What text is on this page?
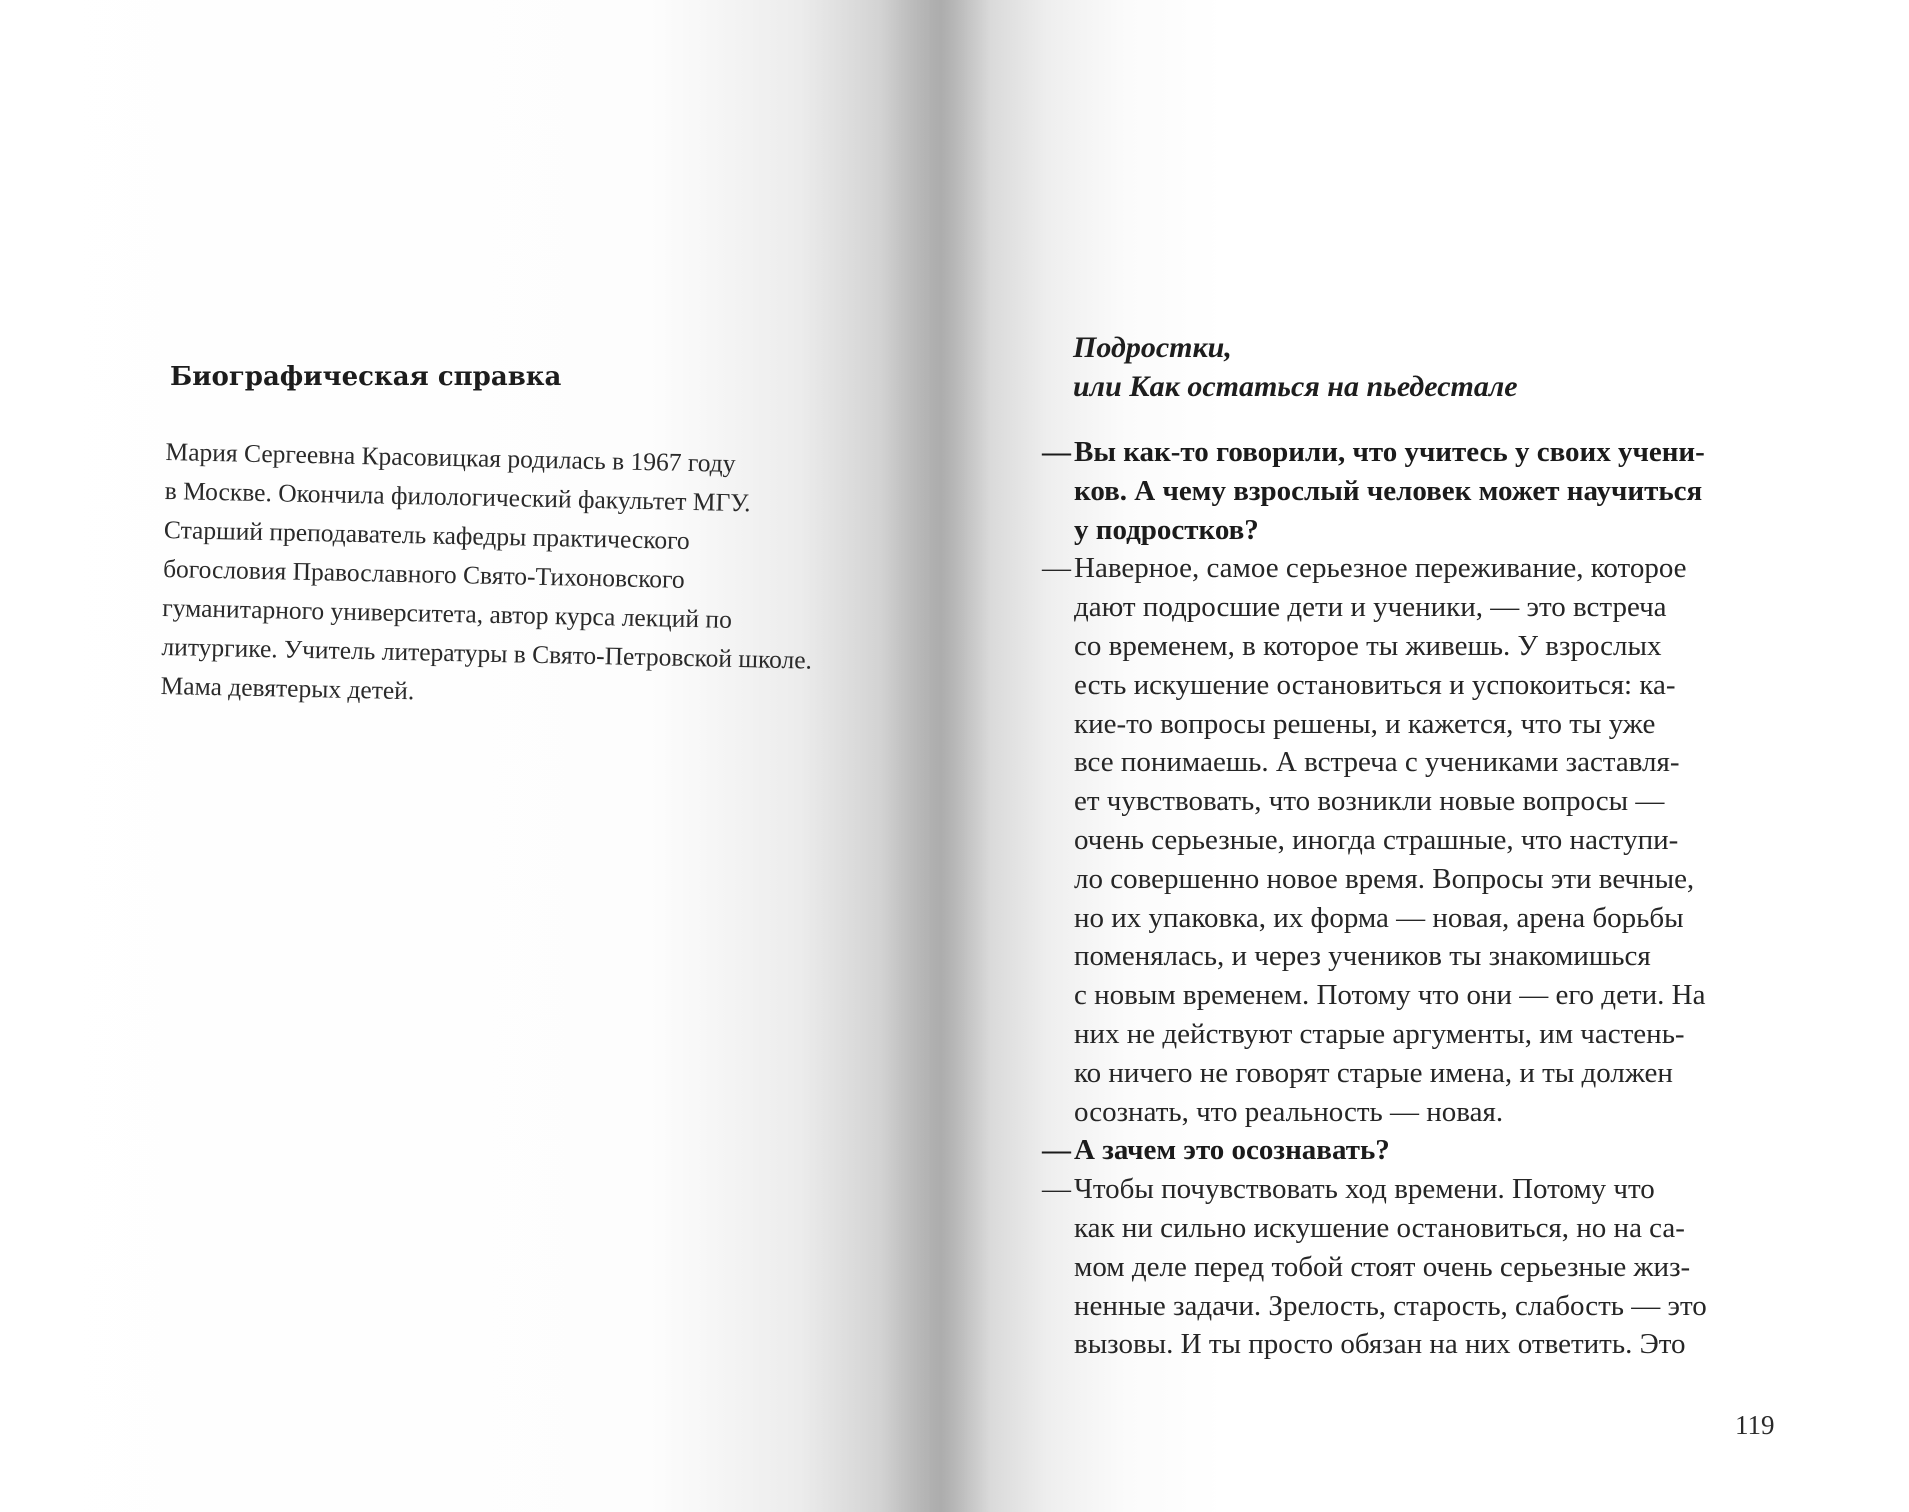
Биографическая справка
Мария Сергеевна Красовицкая родилась в 1967 году
в Москве. Окончила филологический факультет МГУ.
Старший преподаватель кафедры практического
богословия Православного Свято-Тихоновского
гуманитарного университета, автор курса лекций по
литургике. Учитель литературы в Свято-Петровской школе.
Мама девятерых детей.
Подростки,
или Как остаться на пьедестале
— Вы как-то говорили, что учитесь у своих учени-
ков. А чему взрослый человек может научиться
у подростков?
— Наверное, самое серьезное переживание, которое
дают подросшие дети и ученики, — это встреча
со временем, в которое ты живешь. У взрослых
есть искушение остановиться и успокоиться: ка-
кие-то вопросы решены, и кажется, что ты уже
все понимаешь. А встреча с учениками заставля-
ет чувствовать, что возникли новые вопросы —
очень серьезные, иногда страшные, что наступи-
ло совершенно новое время. Вопросы эти вечные,
но их упаковка, их форма — новая, арена борьбы
поменялась, и через учеников ты знакомишься
с новым временем. Потому что они — его дети. На
них не действуют старые аргументы, им частень-
ко ничего не говорят старые имена, и ты должен
осознать, что реальность — новая.
— А зачем это осознавать?
— Чтобы почувствовать ход времени. Потому что
как ни сильно искушение остановиться, но на са-
мом деле перед тобой стоят очень серьезные жиз-
ненные задачи. Зрелость, старость, слабость — это
вызовы. И ты просто обязан на них ответить. Это
119
